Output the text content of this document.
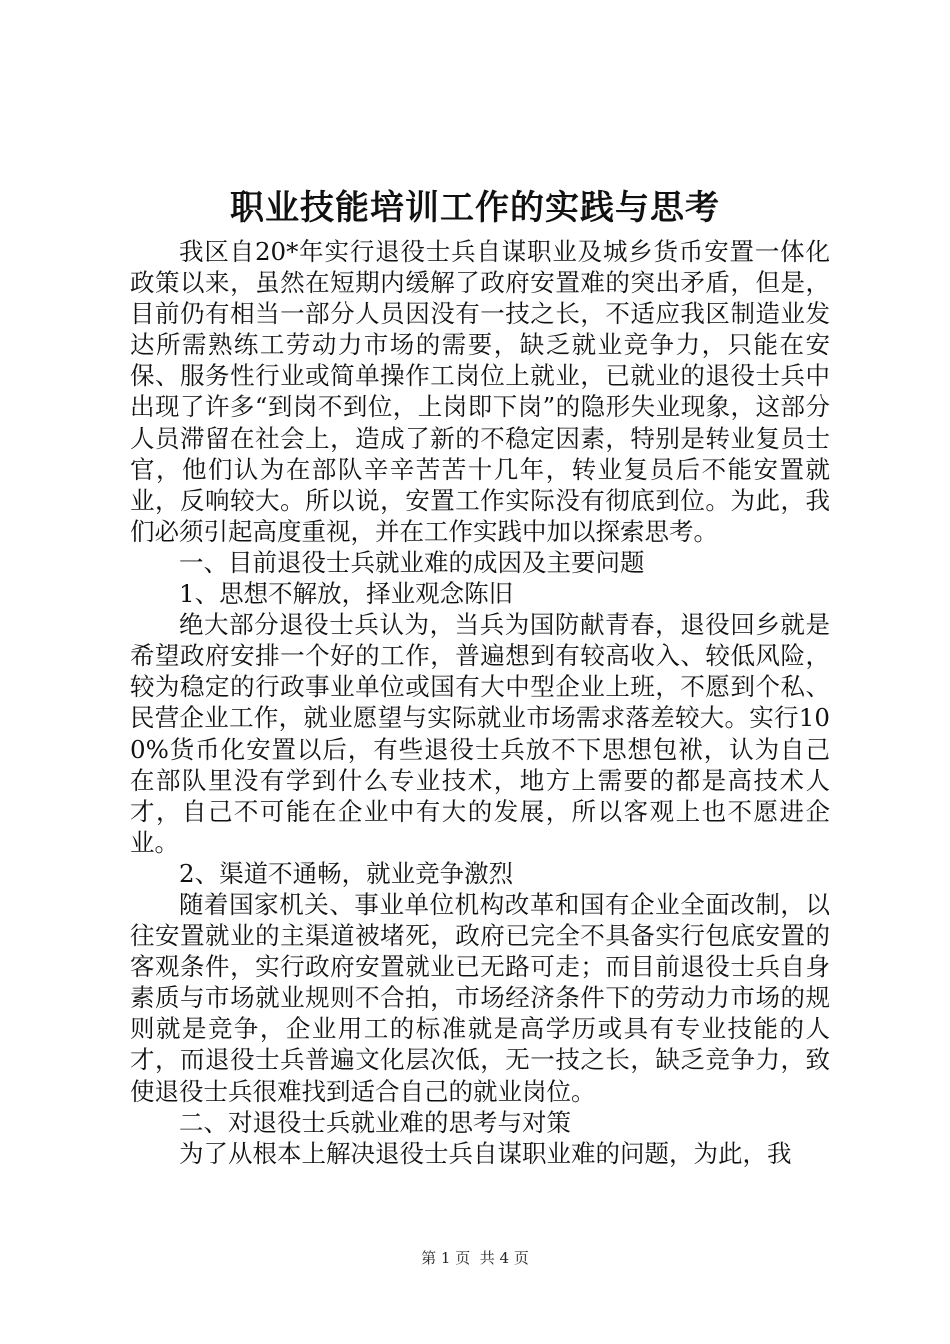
职业技能培训工作的实践与思考

我区自20*年实行退役士兵自谋职业及城乡货币安置一体化政策以来，虽然在短期内缓解了政府安置难的突出矛盾，但是，目前仍有相当一部分人员因没有一技之长，不适应我区制造业发达所需熟练工劳动力市场的需要，缺乏就业竞争力，只能在安保、服务性行业或简单操作工岗位上就业，已就业的退役士兵中出现了许多“到岗不到位，上岗即下岗”的隐形失业现象，这部分人员滞留在社会上，造成了新的不稳定因素，特别是转业复员士官，他们认为在部队辛辛苦苦十几年，转业复员后不能安置就业，反响较大。所以说，安置工作实际没有彻底到位。为此，我们必须引起高度重视，并在工作实践中加以探索思考。

一、目前退役士兵就业难的成因及主要问题

1、思想不解放，择业观念陈旧

绝大部分退役士兵认为，当兵为国防献青春，退役回乡就是希望政府安排一个好的工作，普遍想到有较高收入、较低风险，较为稳定的行政事业单位或国有大中型企业上班，不愿到个私、民营企业工作，就业愿望与实际就业市场需求落差较大。实行100%货币化安置以后，有些退役士兵放不下思想包袱，认为自己在部队里没有学到什么专业技术，地方上需要的都是高技术人才，自己不可能在企业中有大的发展，所以客观上也不愿进企业。

2、渠道不通畅，就业竞争激烈

随着国家机关、事业单位机构改革和国有企业全面改制，以往安置就业的主渠道被堵死，政府已完全不具备实行包底安置的客观条件，实行政府安置就业已无路可走；而目前退役士兵自身素质与市场就业规则不合拍，市场经济条件下的劳动力市场的规则就是竞争，企业用工的标准就是高学历或具有专业技能的人才，而退役士兵普遍文化层次低，无一技之长，缺乏竞争力，致使退役士兵很难找到适合自己的就业岗位。

二、对退役士兵就业难的思考与对策

为了从根本上解决退役士兵自谋职业难的问题，为此，我

第 1 页  共 4 页
